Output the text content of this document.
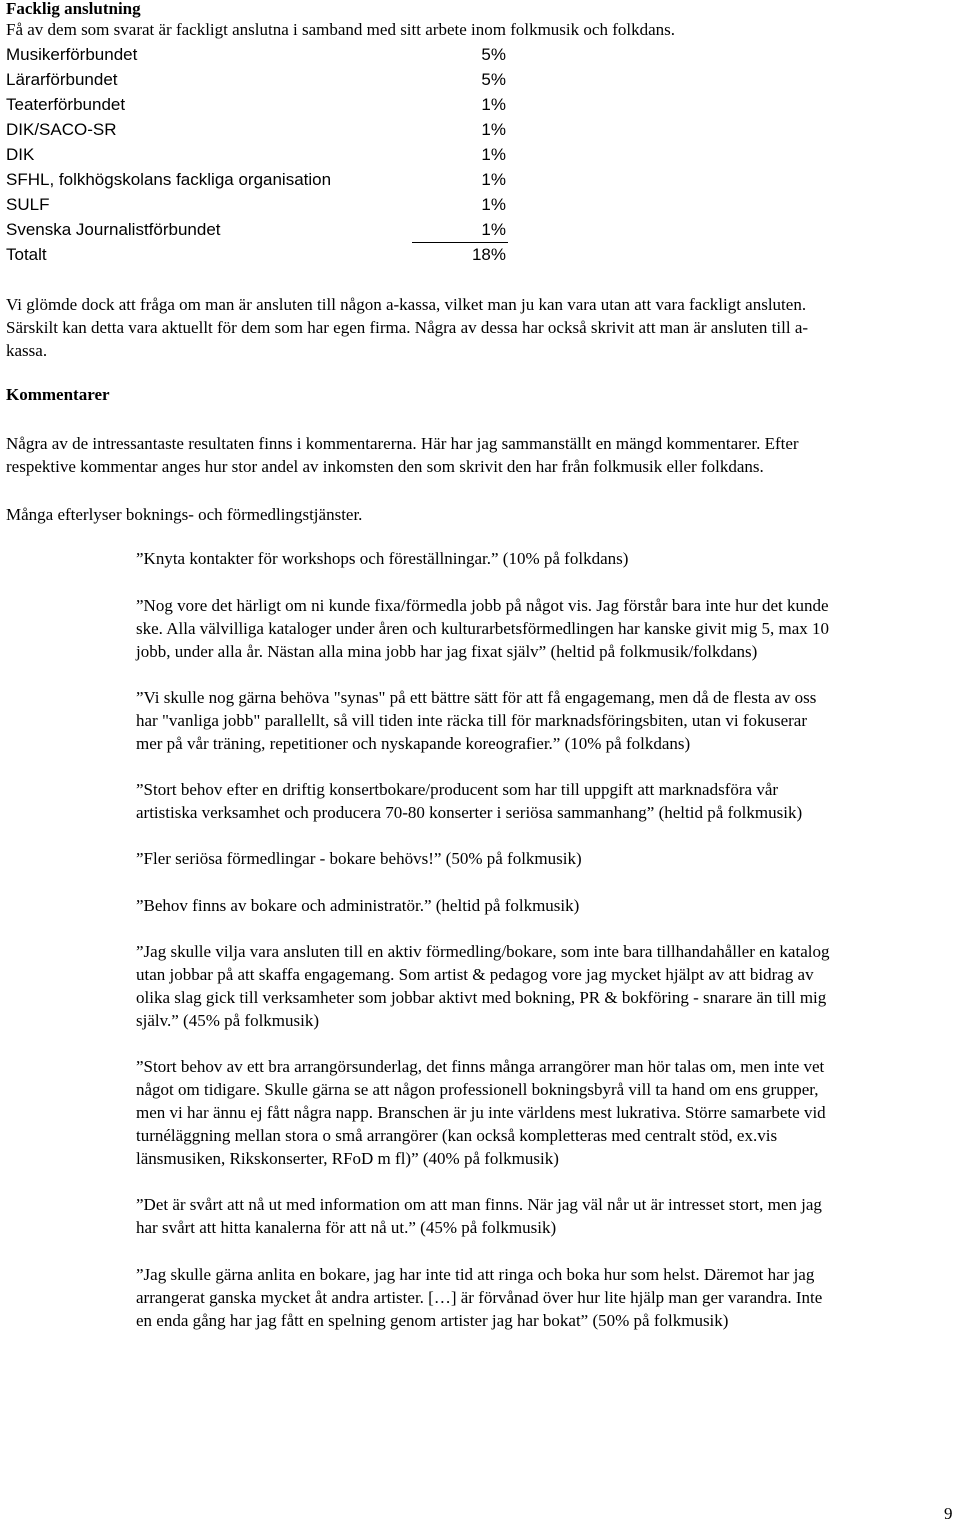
Facklig anslutning

Få av dem som svarat är fackligt anslutna i samband med sitt arbete inom folkmusik och folkdans.

Musikerförbundet	5%
Lärarförbundet	5%
Teaterförbundet	1%
DIK/SACO-SR	1%
DIK	1%
SFHL, folkhögskolans fackliga organisation	1%
SULF	1%
Svenska Journalistförbundet	1%
Totalt	18%

Vi glömde dock att fråga om man är ansluten till någon a-kassa, vilket man ju kan vara utan att vara fackligt ansluten.

Särskilt kan detta vara aktuellt för dem som har egen firma. Några av dessa har också skrivit att man är ansluten till a-

kassa.

Kommentarer

Några av de intressantaste resultaten finns i kommentarerna. Här har jag sammanställt en mängd kommentarer. Efter

respektive kommentar anges hur stor andel av inkomsten den som skrivit den har från folkmusik eller folkdans.

Många efterlyser boknings- och förmedlingstjänster.

”Knyta kontakter för workshops och föreställningar.” (10% på folkdans)
”Nog vore det härligt om ni kunde fixa/förmedla jobb på något vis. Jag förstår bara inte hur det kunde
ske. Alla välvilliga kataloger under åren och kulturarbetsförmedlingen har kanske givit mig 5, max 10
jobb, under alla år. Nästan alla mina jobb har jag fixat själv” (heltid på folkmusik/folkdans)
”Vi skulle nog gärna behöva "synas" på ett bättre sätt för att få engagemang, men då de flesta av oss
har "vanliga jobb" parallellt, så vill tiden inte räcka till för marknadsföringsbiten, utan vi fokuserar
mer på vår träning, repetitioner och nyskapande koreografier.” (10% på folkdans)
”Stort behov efter en driftig konsertbokare/producent som har till uppgift att marknadsföra vår
artistiska verksamhet och producera 70-80 konserter i seriösa sammanhang” (heltid på folkmusik)
”Fler seriösa förmedlingar - bokare behövs!” (50% på folkmusik)
”Behov finns av bokare och administratör.” (heltid på folkmusik)
”Jag skulle vilja vara ansluten till en aktiv förmedling/bokare, som inte bara tillhandahåller en katalog
utan jobbar på att skaffa engagemang. Som artist & pedagog vore jag mycket hjälpt av att bidrag av
olika slag gick till verksamheter som jobbar aktivt med bokning, PR & bokföring - snarare än till mig
själv.” (45% på folkmusik)
”Stort behov av ett bra arrangörsunderlag, det finns många arrangörer man hör talas om, men inte vet
något om tidigare. Skulle gärna se att någon professionell bokningsbyrå vill ta hand om ens grupper,
men vi har ännu ej fått några napp. Branschen är ju inte världens mest lukrativa. Större samarbete vid
turnéläggning mellan stora o små arrangörer (kan också kompletteras med centralt stöd, ex.vis
länsmusiken, Rikskonserter, RFoD m fl)” (40% på folkmusik)
”Det är svårt att nå ut med information om att man finns. När jag väl når ut är intresset stort, men jag
har svårt att hitta kanalerna för att nå ut.” (45% på folkmusik)
”Jag skulle gärna anlita en bokare, jag har inte tid att ringa och boka hur som helst. Däremot har jag
arrangerat ganska mycket åt andra artister. […] är förvånad över hur lite hjälp man ger varandra. Inte
en enda gång har jag fått en spelning genom artister jag har bokat” (50% på folkmusik)
9
